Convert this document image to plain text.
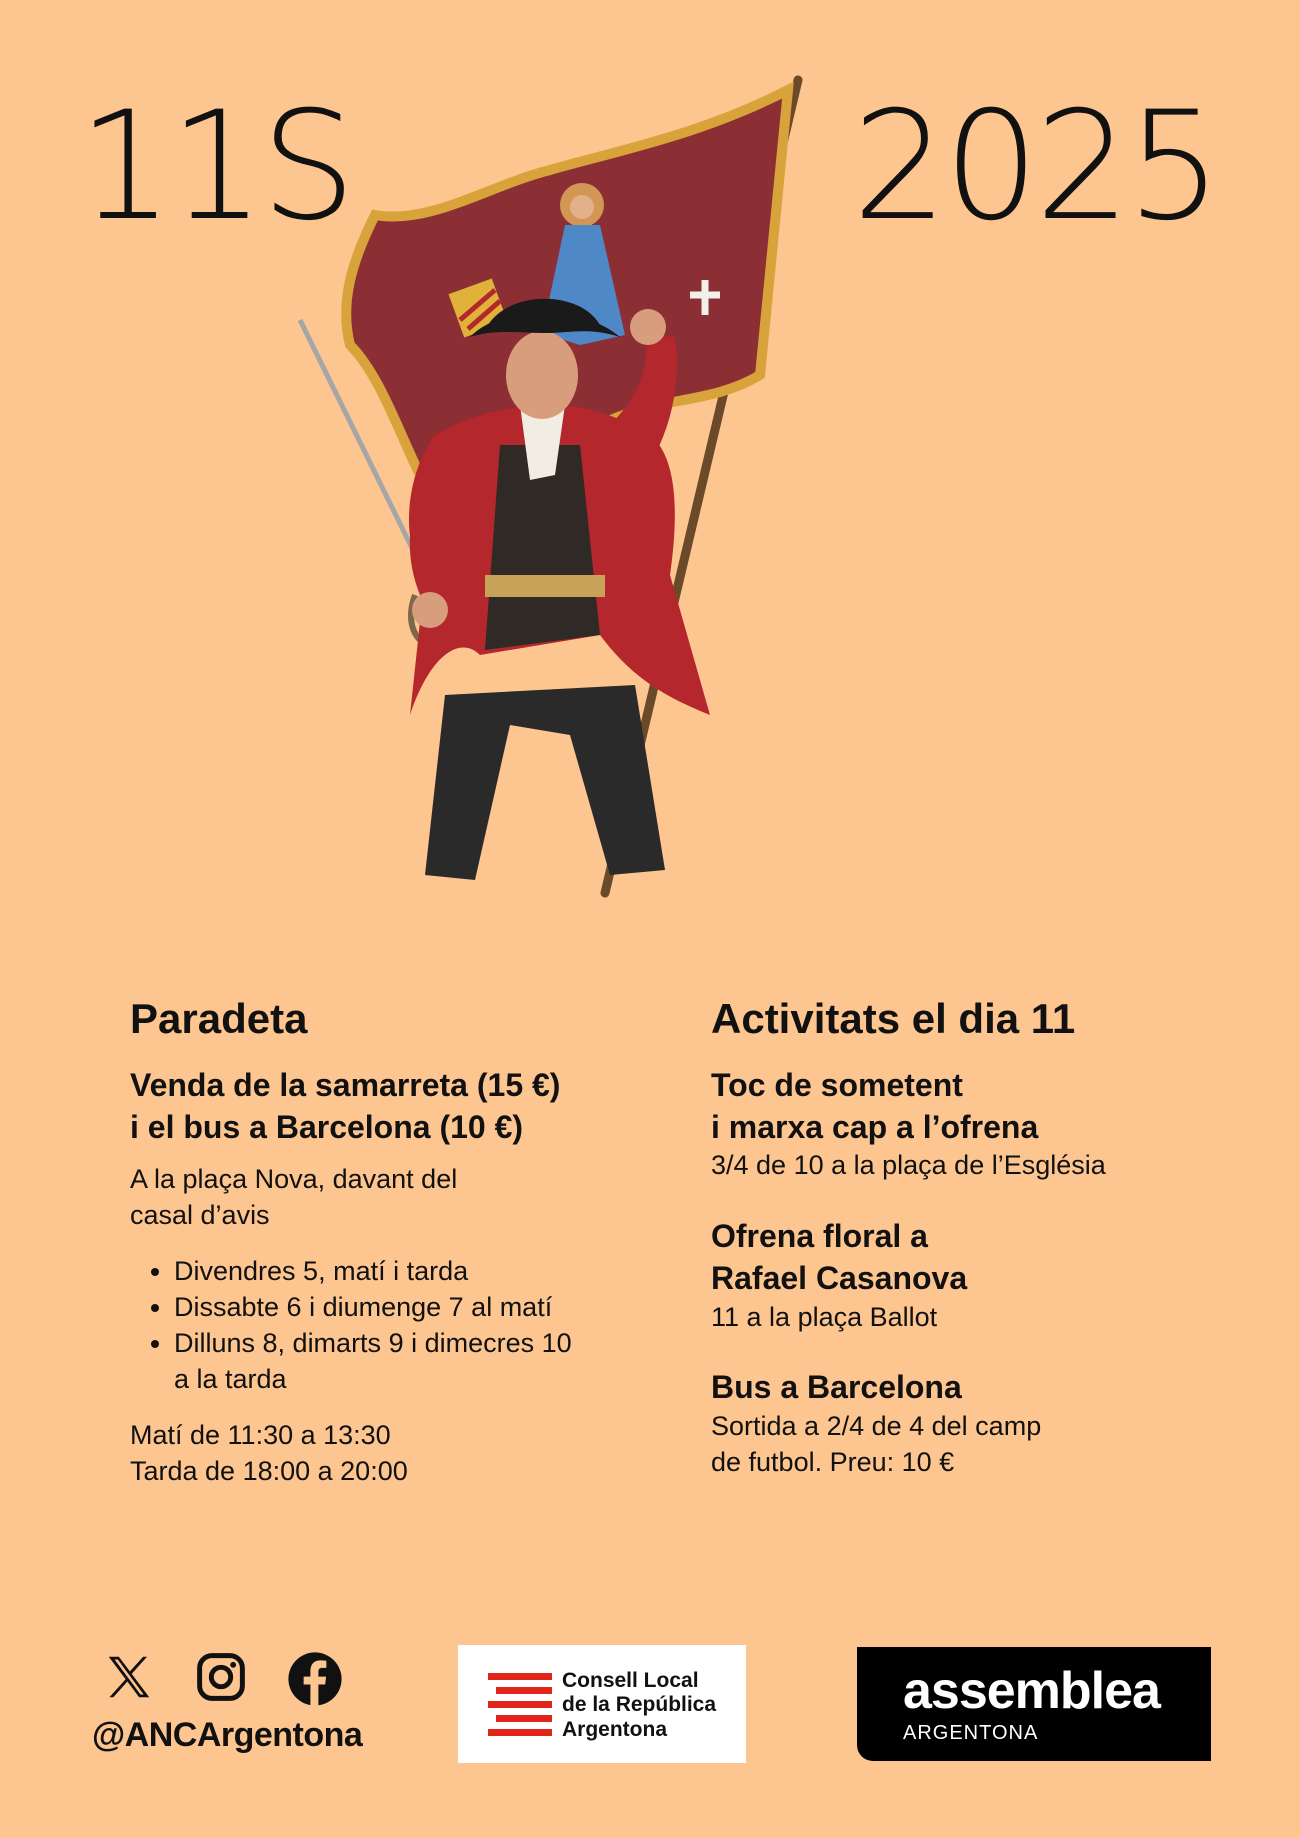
11S	2025
Paradeta
Venda de la samarreta (15 €)
i el bus a Barcelona (10 €)

A la plaça Nova, davant del
casal d’avis

• Divendres 5, matí i tarda
• Dissabte 6 i diumenge 7 al matí
• Dilluns 8, dimarts 9 i dimecres 10 a la tarda

Matí de 11:30 a 13:30
Tarda de 18:00 a 20:00

Activitats el dia 11
Toc de sometent
i marxa cap a l’ofrena

3/4 de 10 a la plaça de l’Església

Ofrena floral a
Rafael Casanova

11 a la plaça Ballot

Bus a Barcelona

Sortida a 2/4 de 4 del camp
de futbol. Preu: 10 €

@ANCArgentona
Consell Local
de la República
Argentona
assemblea
ARGENTONA
